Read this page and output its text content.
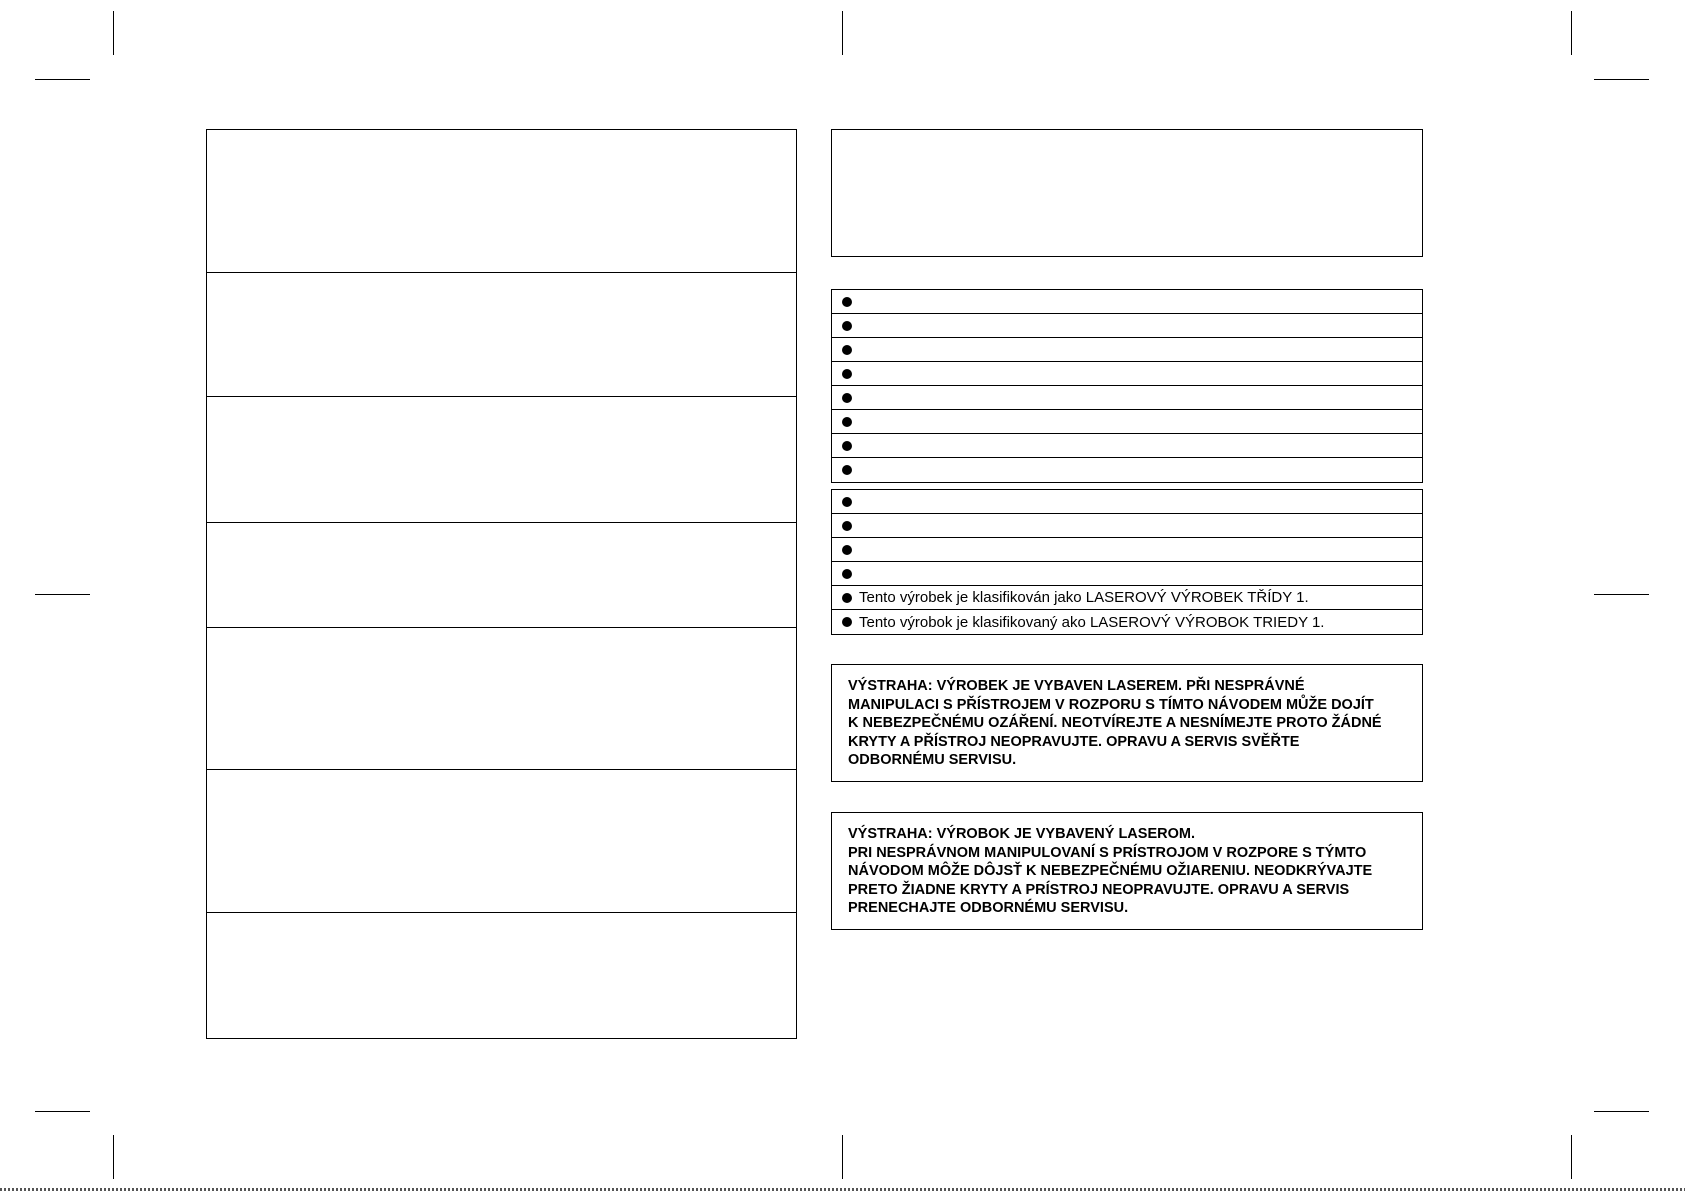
Tento výrobek je klasifikován jako LASEROVÝ VÝROBEK TŘÍDY 1.
Tento výrobok je klasifikovaný ako LASEROVÝ VÝROBOK TRIEDY 1.
VÝSTRAHA: VÝROBEK JE VYBAVEN LASEREM. PŘI NESPRÁVNÉ
MANIPULACI S PŘÍSTROJEM V ROZPORU S TÍMTO NÁVODEM MŮŽE DOJÍT
K NEBEZPEČNÉMU OZÁŘENÍ. NEOTVÍREJTE A NESNÍMEJTE PROTO ŽÁDNÉ
KRYTY A PŘÍSTROJ NEOPRAVUJTE. OPRAVU A SERVIS SVĚŘTE
ODBORNÉMU SERVISU.
VÝSTRAHA: VÝROBOK JE VYBAVENÝ LASEROM.
PRI NESPRÁVNOM MANIPULOVANÍ S PRÍSTROJOM V ROZPORE S TÝMTO
NÁVODOM MÔŽE DÔJSŤ K NEBEZPEČNÉMU OŽIARENIU. NEODKRÝVAJTE
PRETO ŽIADNE KRYTY A PRÍSTROJ NEOPRAVUJTE. OPRAVU A SERVIS
PRENECHAJTE ODBORNÉMU SERVISU.
